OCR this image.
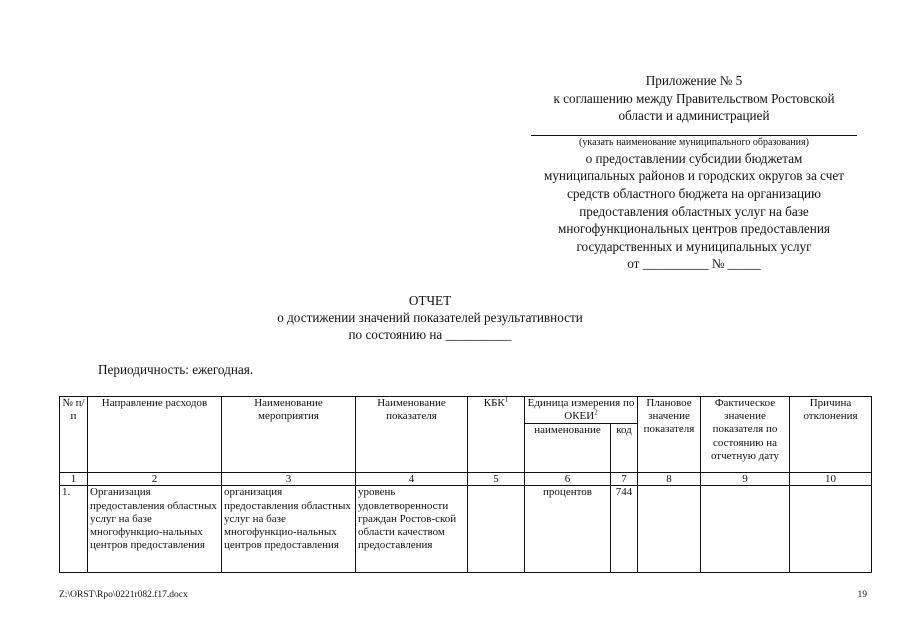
Приложение № 5
к соглашению между Правительством Ростовской
области и администрацией
(указать наименование муниципального образования)
о предоставлении субсидии бюджетам
муниципальных районов и городских округов за счет
средств областного бюджета на организацию
предоставления областных услуг на базе
многофункциональных центров предоставления
государственных и муниципальных услуг
от __________ № _____
ОТЧЕТ
о достижении значений показателей результативности
по состоянию на __________
Периодичность: ежегодная.
№ п/п	Направление расходов	Наименование мероприятия	Наименование показателя	КБК$^1$	Единица измерения по ОКЕИ$^2$		Плановое значение показателя	Фактическое значение показателя по состоянию на отчетную дату	Причина отклонения
					наименование	код			
1	2	3	4	5	6	7	8	9	10

1.	Организация предоставления областных услуг на базе многофункцио-нальных центров предоставления	организация предоставления областных услуг на базе многофункцио-нальных центров предоставления	уровень удовлетворенности граждан Ростов-ской области качеством предоставления		процентов	744			
Z:\ORST\Rpo\0221r082.f17.docx	19
